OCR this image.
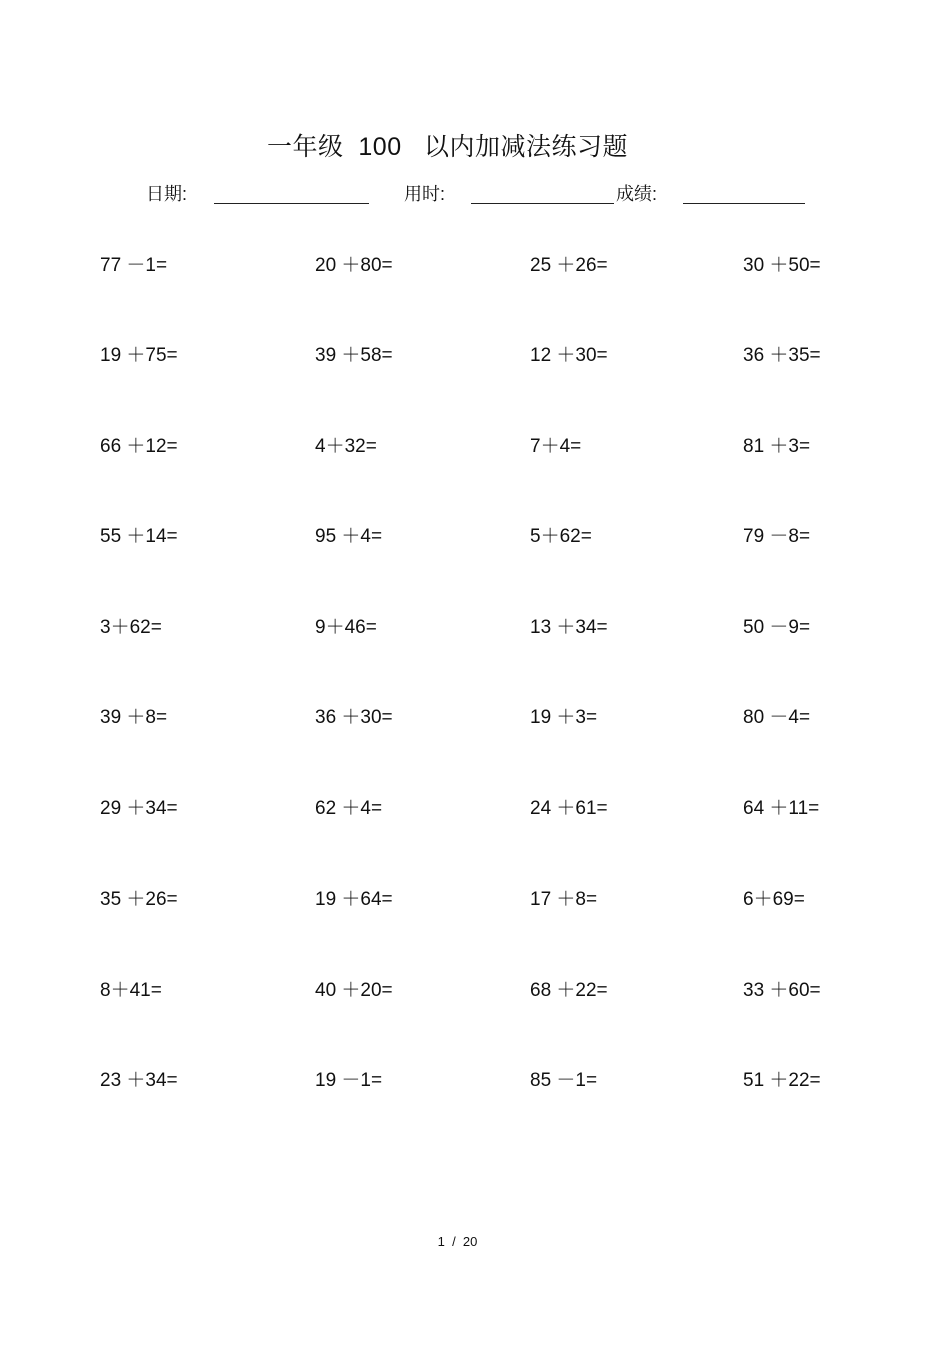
一年级  100   以内加减法练习题
日期:	用时:	成绩:
77 －1=	20 ＋80=	25 ＋26=	30 ＋50=
19 ＋75=	39 ＋58=	12 ＋30=	36 ＋35=
66 ＋12=	4＋32=	7＋4=	81 ＋3=
55 ＋14=	95 ＋4=	5＋62=	79 －8=
3＋62=	9＋46=	13 ＋34=	50 －9=
39 ＋8=	36 ＋30=	19 ＋3=	80 －4=
29 ＋34=	62 ＋4=	24 ＋61=	64 ＋11=
35 ＋26=	19 ＋64=	17 ＋8=	6＋69=
8＋41=	40 ＋20=	68 ＋22=	33 ＋60=
23 ＋34=	19 －1=	85 －1=	51 ＋22=
1  /  20
